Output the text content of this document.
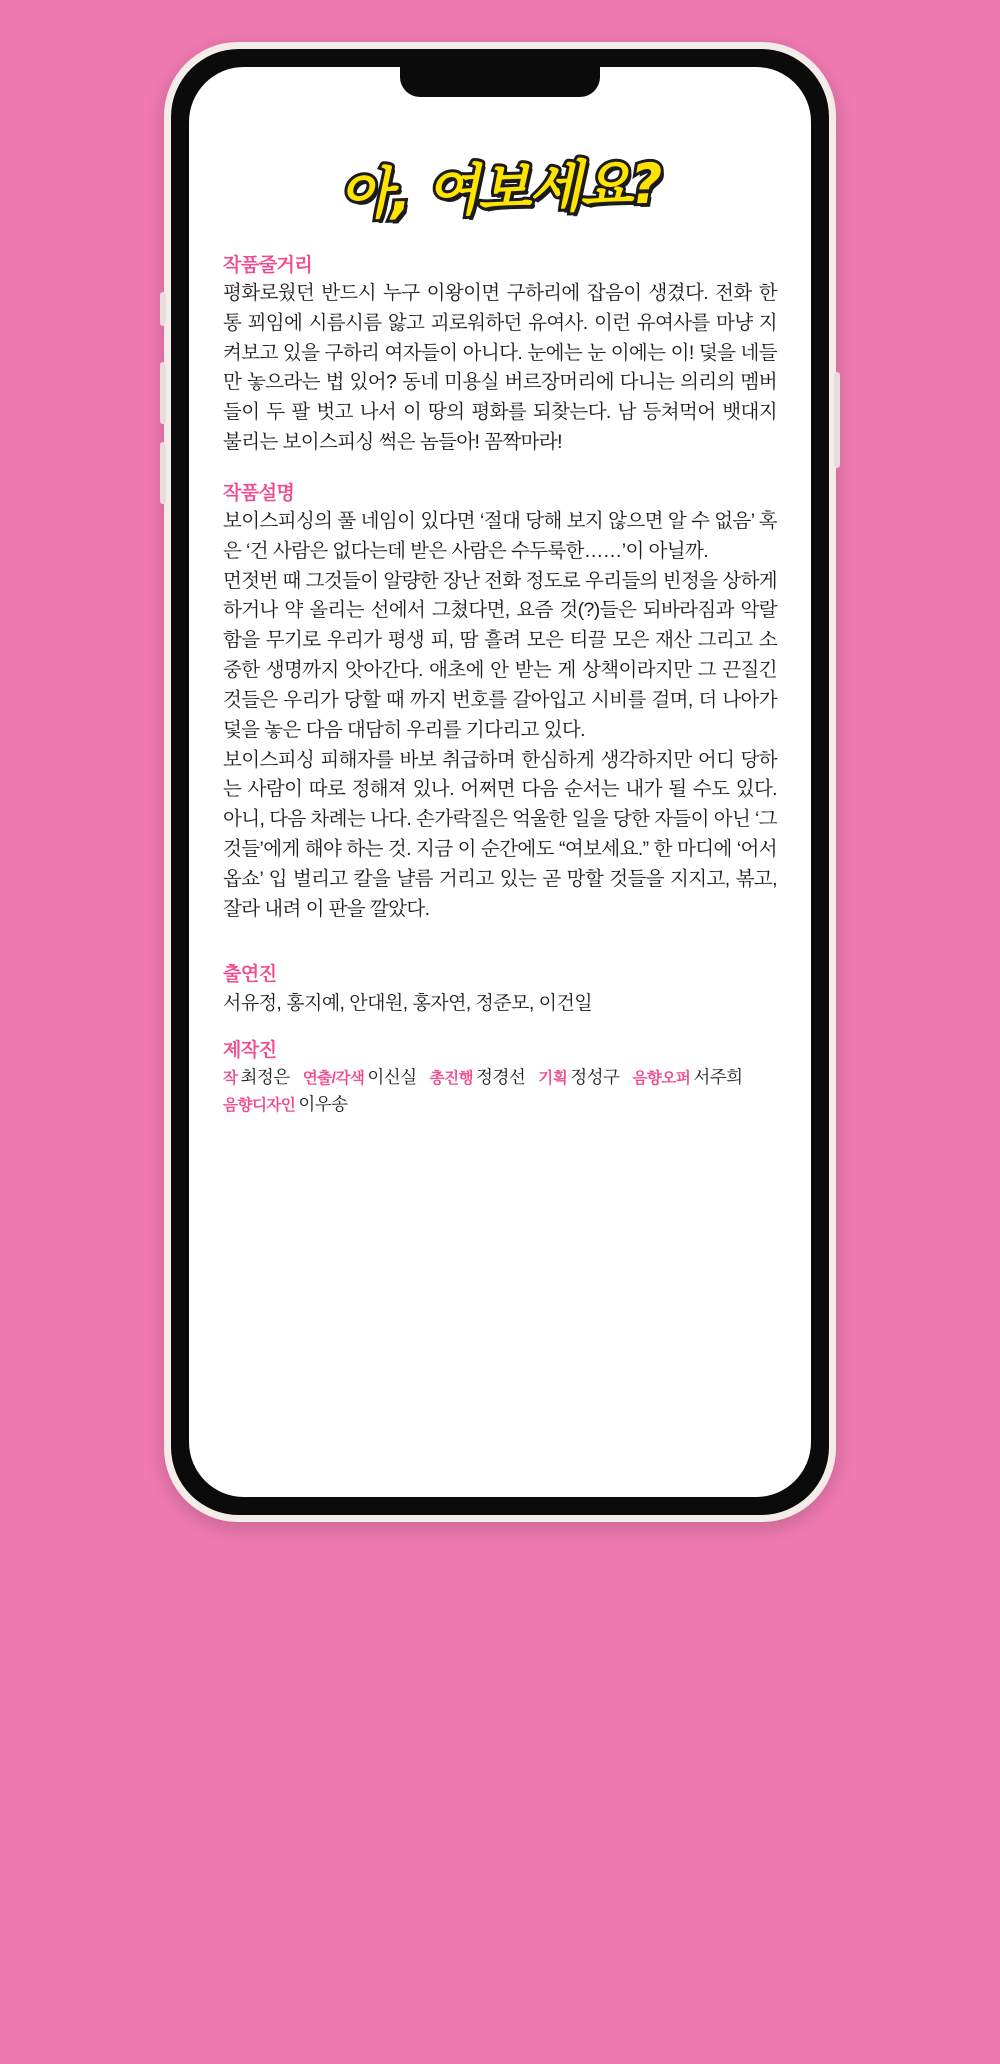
아, 여보세요?
작품줄거리

평화로웠던 반드시 누구 이왕이면 구하리에 잡음이 생겼다. 전화 한 통 꾀임에 시름시름 앓고 괴로워하던 유여사. 이런 유여사를 마냥 지켜보고 있을 구하리 여자들이 아니다. 눈에는 눈 이에는 이! 덫을 네들만 놓으라는 법 있어? 동네 미용실 버르장머리에 다니는 의리의 멤버들이 두 팔 벗고 나서 이 땅의 평화를 되찾는다. 남 등쳐먹어 뱃대지 불리는 보이스피싱 썩은 놈들아! 꼼짝마라!

작품설명

보이스피싱의 풀 네임이 있다면 ‘절대 당해 보지 않으면 알 수 없음’ 혹은 ‘건 사람은 없다는데 받은 사람은 수두룩한……’이 아닐까.

먼젓번 때 그것들이 알량한 장난 전화 정도로 우리들의 빈정을 상하게 하거나 약 올리는 선에서 그쳤다면, 요즘 것(?)들은 되바라짐과 악랄함을 무기로 우리가 평생 피, 땀 흘려 모은 티끌 모은 재산 그리고 소중한 생명까지 앗아간다. 애초에 안 받는 게 상책이라지만 그 끈질긴 것들은 우리가 당할 때 까지 번호를 갈아입고 시비를 걸며, 더 나아가 덫을 놓은 다음 대담히 우리를 기다리고 있다.

보이스피싱 피해자를 바보 취급하며 한심하게 생각하지만 어디 당하는 사람이 따로 정해져 있나. 어쩌면 다음 순서는 내가 될 수도 있다. 아니, 다음 차례는 나다. 손가락질은 억울한 일을 당한 자들이 아닌 ‘그것들’에게 해야 하는 것. 지금 이 순간에도 “여보세요.” 한 마디에 ‘어서옵쇼’ 입 벌리고 칼을 냘름 거리고 있는 곧 망할 것들을 지지고, 볶고, 잘라 내려 이 판을 깔았다.

출연진

서유정, 홍지예, 안대원, 홍자연, 정준모, 이건일

제작진
작 최정은 연출/각색 이신실 총진행 정경선 기획 정성구 음향오퍼 서주희
음향디자인 이우송
